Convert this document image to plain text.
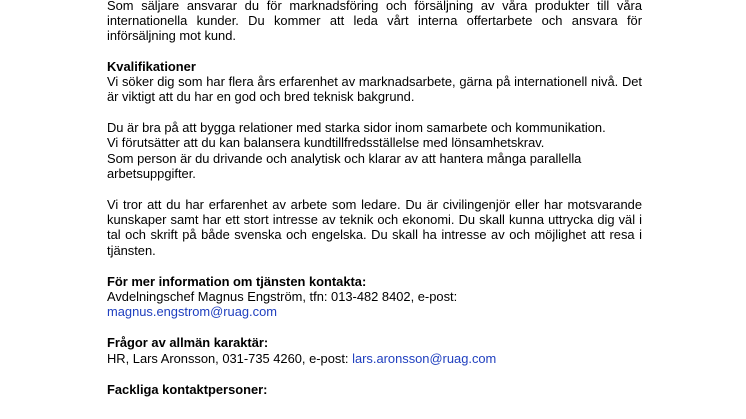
Som säljare ansvarar du för marknadsföring och försäljning av våra produkter till våra internationella kunder. Du kommer att leda vårt interna offertarbete och ansvara för införsäljning mot kund.

Kvalifikationer

Vi söker dig som har flera års erfarenhet av marknadsarbete, gärna på internationell nivå. Det är viktigt att du har en god och bred teknisk bakgrund.

Du är bra på att bygga relationer med starka sidor inom samarbete och kommunikation.
Vi förutsätter att du kan balansera kundtillfredsställelse med lönsamhetskrav.
Som person är du drivande och analytisk och klarar av att hantera många parallella arbetsuppgifter.

Vi tror att du har erfarenhet av arbete som ledare. Du är civilingenjör eller har motsvarande kunskaper samt har ett stort intresse av teknik och ekonomi. Du skall kunna uttrycka dig väl i tal och skrift på både svenska och engelska. Du skall ha intresse av och möjlighet att resa i tjänsten.

För mer information om tjänsten kontakta:
Avdelningschef Magnus Engström, tfn: 013-482 8402, e-post:
magnus.engstrom@ruag.com
Frågor av allmän karaktär:
HR, Lars Aronsson, 031-735 4260, e-post: lars.aronsson@ruag.com
Fackliga kontaktpersoner:
